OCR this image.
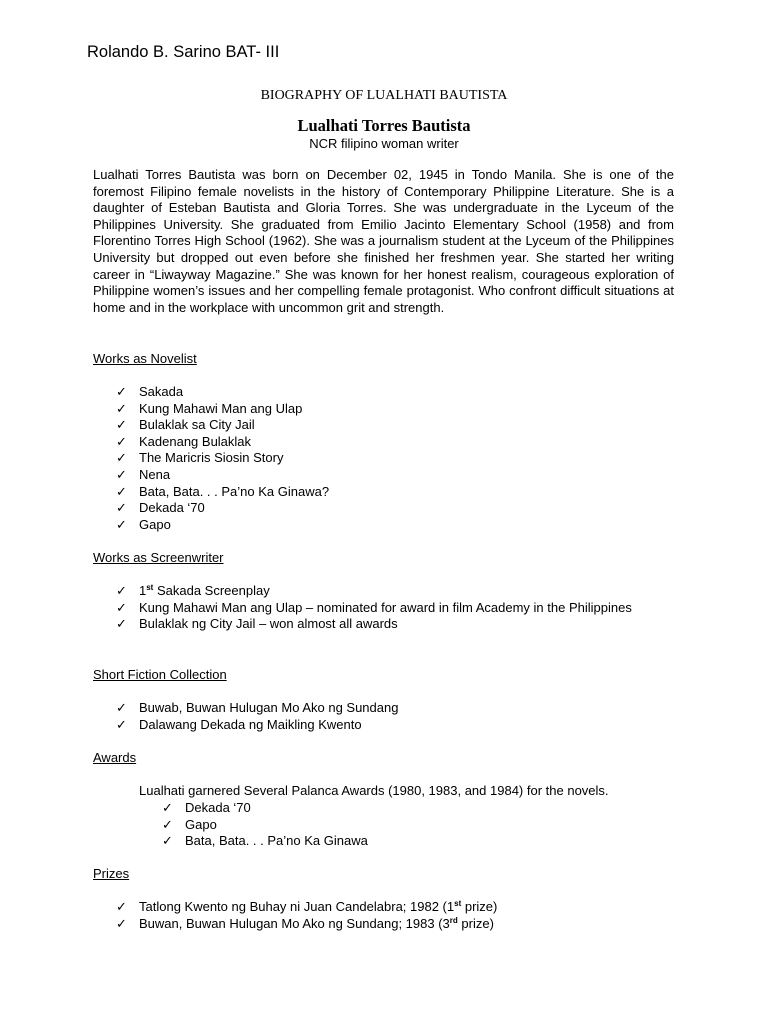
Rolando B. Sarino BAT- III
BIOGRAPHY OF LUALHATI BAUTISTA
Lualhati Torres Bautista
NCR filipino woman writer

Lualhati Torres Bautista was born on December 02, 1945 in Tondo Manila. She is one of the foremost Filipino female novelists in the history of Contemporary Philippine Literature. She is a daughter of Esteban Bautista and Gloria Torres. She was undergraduate in the Lyceum of the Philippines University. She graduated from Emilio Jacinto Elementary School (1958) and from Florentino Torres High School (1962). She was a journalism student at the Lyceum of the Philippines University but dropped out even before she finished her freshmen year. She started her writing career in “Liwayway Magazine.” She was known for her honest realism, courageous exploration of Philippine women’s issues and her compelling female protagonist. Who confront difficult situations at home and in the workplace with uncommon grit and strength.

Works as Novelist

✓ Sakada
✓ Kung Mahawi Man ang Ulap
✓ Bulaklak sa City Jail
✓ Kadenang Bulaklak
✓ The Maricris Siosin Story
✓ Nena
✓ Bata, Bata. . . Pa’no Ka Ginawa?
✓ Dekada ‘70
✓ Gapo

Works as Screenwriter

✓ 1st Sakada Screenplay
✓ Kung Mahawi Man ang Ulap – nominated for award in film Academy in the Philippines
✓ Bulaklak ng City Jail – won almost all awards

Short Fiction Collection

✓ Buwab, Buwan Hulugan Mo Ako ng Sundang
✓ Dalawang Dekada ng Maikling Kwento

Awards

Lualhati garnered Several Palanca Awards (1980, 1983, and 1984) for the novels.

✓ Dekada ‘70
✓ Gapo
✓ Bata, Bata. . . Pa’no Ka Ginawa

Prizes

✓ Tatlong Kwento ng Buhay ni Juan Candelabra; 1982 (1st prize)
✓ Buwan, Buwan Hulugan Mo Ako ng Sundang; 1983 (3rd prize)
